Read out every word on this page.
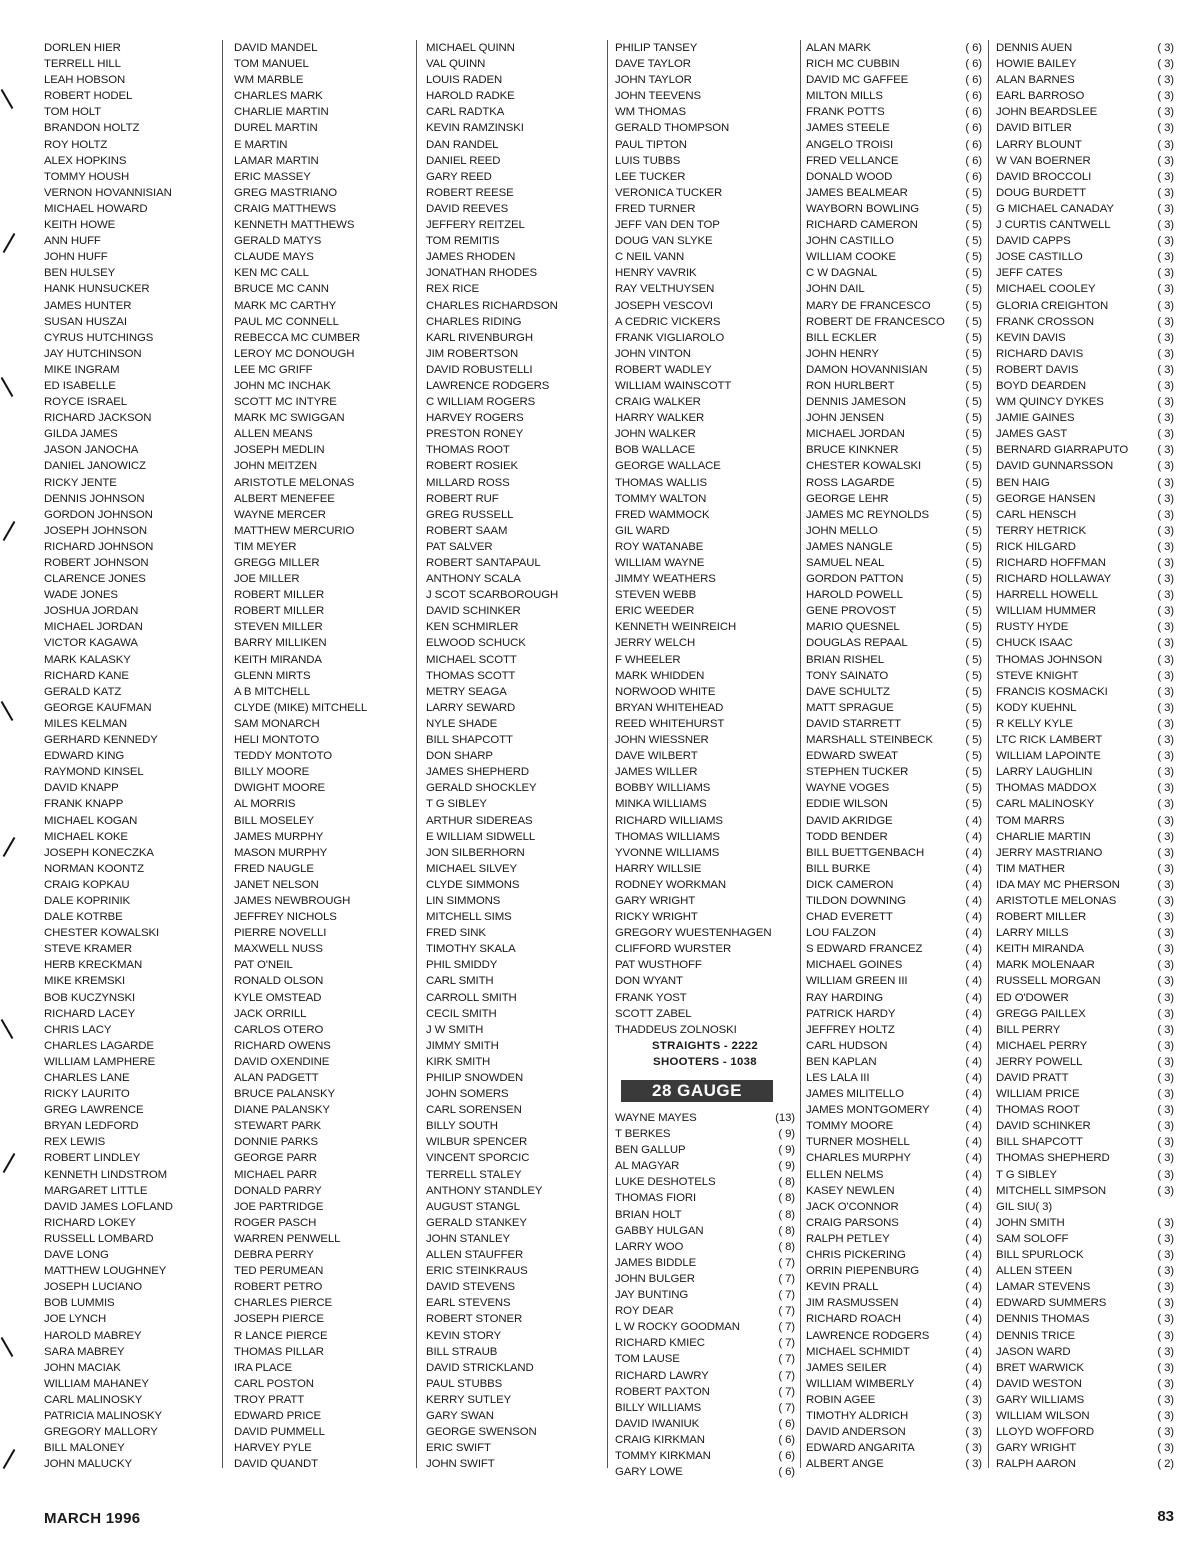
DORLEN HIER
TERRELL HILL
LEAH HOBSON
ROBERT HODEL
TOM HOLT
BRANDON HOLTZ
ROY HOLTZ
ALEX HOPKINS
TOMMY HOUSH
VERNON HOVANNISIAN
MICHAEL HOWARD
KEITH HOWE
ANN HUFF
JOHN HUFF
BEN HULSEY
HANK HUNSUCKER
JAMES HUNTER
SUSAN HUSZAI
CYRUS HUTCHINGS
JAY HUTCHINSON
MIKE INGRAM
ED ISABELLE
ROYCE ISRAEL
RICHARD JACKSON
GILDA JAMES
JASON JANOCHA
DANIEL JANOWICZ
RICKY JENTE
DENNIS JOHNSON
GORDON JOHNSON
JOSEPH JOHNSON
RICHARD JOHNSON
ROBERT JOHNSON
CLARENCE JONES
WADE JONES
JOSHUA JORDAN
MICHAEL JORDAN
VICTOR KAGAWA
MARK KALASKY
RICHARD KANE
GERALD KATZ
GEORGE KAUFMAN
MILES KELMAN
GERHARD KENNEDY
EDWARD KING
RAYMOND KINSEL
DAVID KNAPP
FRANK KNAPP
MICHAEL KOGAN
MICHAEL KOKE
JOSEPH KONECZKA
NORMAN KOONTZ
CRAIG KOPKAU
DALE KOPRINIK
DALE KOTRBE
CHESTER KOWALSKI
STEVE KRAMER
HERB KRECKMAN
MIKE KREMSKI
BOB KUCZYNSKI
RICHARD LACEY
CHRIS LACY
CHARLES LAGARDE
WILLIAM LAMPHERE
CHARLES LANE
RICKY LAURITO
GREG LAWRENCE
BRYAN LEDFORD
REX LEWIS
ROBERT LINDLEY
KENNETH LINDSTROM
MARGARET LITTLE
DAVID JAMES LOFLAND
RICHARD LOKEY
RUSSELL LOMBARD
DAVE LONG
MATTHEW LOUGHNEY
JOSEPH LUCIANO
BOB LUMMIS
JOE LYNCH
HAROLD MABREY
SARA MABREY
JOHN MACIAK
WILLIAM MAHANEY
CARL MALINOSKY
PATRICIA MALINOSKY
GREGORY MALLORY
BILL MALONEY
JOHN MALUCKY
DAVID MANDEL
TOM MANUEL
WM MARBLE
CHARLES MARK
CHARLIE MARTIN
DUREL MARTIN
E MARTIN
LAMAR MARTIN
ERIC MASSEY
GREG MASTRIANO
CRAIG MATTHEWS
KENNETH MATTHEWS
GERALD MATYS
CLAUDE MAYS
KEN MC CALL
BRUCE MC CANN
MARK MC CARTHY
PAUL MC CONNELL
REBECCA MC CUMBER
LEROY MC DONOUGH
LEE MC GRIFF
JOHN MC INCHAK
SCOTT MC INTYRE
MARK MC SWIGGAN
ALLEN MEANS
JOSEPH MEDLIN
JOHN MEITZEN
ARISTOTLE MELONAS
ALBERT MENEFEE
WAYNE MERCER
MATTHEW MERCURIO
TIM MEYER
GREGG MILLER
JOE MILLER
ROBERT MILLER
ROBERT MILLER
STEVEN MILLER
BARRY MILLIKEN
KEITH MIRANDA
GLENN MIRTS
A B MITCHELL
CLYDE (MIKE) MITCHELL
SAM MONARCH
HELI MONTOTO
TEDDY MONTOTO
BILLY MOORE
DWIGHT MOORE
AL MORRIS
BILL MOSELEY
JAMES MURPHY
MASON MURPHY
FRED NAUGLE
JANET NELSON
JAMES NEWBROUGH
JEFFREY NICHOLS
PIERRE NOVELLI
MAXWELL NUSS
PAT O'NEIL
RONALD OLSON
KYLE OMSTEAD
JACK ORRILL
CARLOS OTERO
RICHARD OWENS
DAVID OXENDINE
ALAN PADGETT
BRUCE PALANSKY
DIANE PALANSKY
STEWART PARK
DONNIE PARKS
GEORGE PARR
MICHAEL PARR
DONALD PARRY
JOE PARTRIDGE
ROGER PASCH
WARREN PENWELL
DEBRA PERRY
TED PERUMEAN
ROBERT PETRO
CHARLES PIERCE
JOSEPH PIERCE
R LANCE PIERCE
THOMAS PILLAR
IRA PLACE
CARL POSTON
TROY PRATT
EDWARD PRICE
DAVID PUMMELL
HARVEY PYLE
DAVID QUANDT
MICHAEL QUINN
VAL QUINN
LOUIS RADEN
HAROLD RADKE
CARL RADTKA
KEVIN RAMZINSKI
DAN RANDEL
DANIEL REED
GARY REED
ROBERT REESE
DAVID REEVES
JEFFERY REITZEL
TOM REMITIS
JAMES RHODEN
JONATHAN RHODES
REX RICE
CHARLES RICHARDSON
CHARLES RIDING
KARL RIVENBURGH
JIM ROBERTSON
DAVID ROBUSTELLI
LAWRENCE RODGERS
C WILLIAM ROGERS
HARVEY ROGERS
PRESTON RONEY
THOMAS ROOT
ROBERT ROSIEK
MILLARD ROSS
ROBERT RUF
GREG RUSSELL
ROBERT SAAM
PAT SALVER
ROBERT SANTAPAUL
ANTHONY SCALA
J SCOT SCARBOROUGH
DAVID SCHINKER
KEN SCHMIRLER
ELWOOD SCHUCK
MICHAEL SCOTT
THOMAS SCOTT
METRY SEAGA
LARRY SEWARD
NYLE SHADE
BILL SHAPCOTT
DON SHARP
JAMES SHEPHERD
GERALD SHOCKLEY
T G SIBLEY
ARTHUR SIDEREAS
E WILLIAM SIDWELL
JON SILBERHORN
MICHAEL SILVEY
CLYDE SIMMONS
LIN SIMMONS
MITCHELL SIMS
FRED SINK
TIMOTHY SKALA
PHIL SMIDDY
CARL SMITH
CARROLL SMITH
CECIL SMITH
J W SMITH
JIMMY SMITH
KIRK SMITH
PHILIP SNOWDEN
JOHN SOMERS
CARL SORENSEN
BILLY SOUTH
WILBUR SPENCER
VINCENT SPORCIC
TERRELL STALEY
ANTHONY STANDLEY
AUGUST STANGL
GERALD STANKEY
JOHN STANLEY
ALLEN STAUFFER
ERIC STEINKRAUS
DAVID STEVENS
EARL STEVENS
ROBERT STONER
KEVIN STORY
BILL STRAUB
DAVID STRICKLAND
PAUL STUBBS
KERRY SUTLEY
GARY SWAN
GEORGE SWENSON
ERIC SWIFT
JOHN SWIFT
PHILIP TANSEY
DAVE TAYLOR
JOHN TAYLOR
JOHN TEEVENS
WM THOMAS
GERALD THOMPSON
PAUL TIPTON
LUIS TUBBS
LEE TUCKER
VERONICA TUCKER
FRED TURNER
JEFF VAN DEN TOP
DOUG VAN SLYKE
C NEIL VANN
HENRY VAVRIK
RAY VELTHUYSEN
JOSEPH VESCOVI
A CEDRIC VICKERS
FRANK VIGLIAROLO
JOHN VINTON
ROBERT WADLEY
WILLIAM WAINSCOTT
CRAIG WALKER
HARRY WALKER
JOHN WALKER
BOB WALLACE
GEORGE WALLACE
THOMAS WALLIS
TOMMY WALTON
FRED WAMMOCK
GIL WARD
ROY WATANABE
WILLIAM WAYNE
JIMMY WEATHERS
STEVEN WEBB
ERIC WEEDER
KENNETH WEINREICH
JERRY WELCH
F WHEELER
MARK WHIDDEN
NORWOOD WHITE
BRYAN WHITEHEAD
REED WHITEHURST
JOHN WIESSNER
DAVE WILBERT
JAMES WILLER
BOBBY WILLIAMS
MINKA WILLIAMS
RICHARD WILLIAMS
THOMAS WILLIAMS
YVONNE WILLIAMS
HARRY WILLSIE
RODNEY WORKMAN
GARY WRIGHT
RICKY WRIGHT
GREGORY WUESTENHAGEN
CLIFFORD WURSTER
PAT WUSTHOFF
DON WYANT
FRANK YOST
SCOTT ZABEL
THADDEUS ZOLNOSKI
STRAIGHTS - 2222
SHOOTERS - 1038
28 GAUGE
WAYNE MAYES	(13)
T BERKES	( 9)
BEN GALLUP	( 9)
AL MAGYAR	( 9)
LUKE DESHOTELS	( 8)
THOMAS FIORI	( 8)
BRIAN HOLT	( 8)
GABBY HULGAN	( 8)
LARRY WOO	( 8)
JAMES BIDDLE	( 7)
JOHN BULGER	( 7)
JAY BUNTING	( 7)
ROY DEAR	( 7)
L W ROCKY GOODMAN	( 7)
RICHARD KMIEC	( 7)
TOM LAUSE	( 7)
RICHARD LAWRY	( 7)
ROBERT PAXTON	( 7)
BILLY WILLIAMS	( 7)
DAVID IWANIUK	( 6)
CRAIG KIRKMAN	( 6)
TOMMY KIRKMAN	( 6)
GARY LOWE	( 6)
ALAN MARK	( 6)
RICH MC CUBBIN	( 6)
DAVID MC GAFFEE	( 6)
MILTON MILLS	( 6)
FRANK POTTS	( 6)
JAMES STEELE	( 6)
ANGELO TROISI	( 6)
FRED VELLANCE	( 6)
DONALD WOOD	( 6)
JAMES BEALMEAR	( 5)
WAYBORN BOWLING	( 5)
RICHARD CAMERON	( 5)
JOHN CASTILLO	( 5)
WILLIAM COOKE	( 5)
C W DAGNAL	( 5)
JOHN DAIL	( 5)
MARY DE FRANCESCO	( 5)
ROBERT DE FRANCESCO ( 5)
BILL ECKLER	( 5)
JOHN HENRY	( 5)
DAMON HOVANNISIAN	( 5)
RON HURLBERT	( 5)
DENNIS JAMESON	( 5)
JOHN JENSEN	( 5)
MICHAEL JORDAN	( 5)
BRUCE KINKNER	( 5)
CHESTER KOWALSKI	( 5)
ROSS LAGARDE	( 5)
GEORGE LEHR	( 5)
JAMES MC REYNOLDS	( 5)
JOHN MELLO	( 5)
JAMES NANGLE	( 5)
SAMUEL NEAL	( 5)
GORDON PATTON	( 5)
HAROLD POWELL	( 5)
GENE PROVOST	( 5)
MARIO QUESNEL	( 5)
DOUGLAS REPAAL	( 5)
BRIAN RISHEL	( 5)
TONY SAINATO	( 5)
DAVE SCHULTZ	( 5)
MATT SPRAGUE	( 5)
DAVID STARRETT	( 5)
MARSHALL STEINBECK	( 5)
EDWARD SWEAT	( 5)
STEPHEN TUCKER	( 5)
WAYNE VOGES	( 5)
EDDIE WILSON	( 5)
DAVID AKRIDGE	( 4)
TODD BENDER	( 4)
BILL BUETTGENBACH	( 4)
BILL BURKE	( 4)
DICK CAMERON	( 4)
TILDON DOWNING	( 4)
CHAD EVERETT	( 4)
LOU FALZON	( 4)
S EDWARD FRANCEZ	( 4)
MICHAEL GOINES	( 4)
WILLIAM GREEN III	( 4)
RAY HARDING	( 4)
PATRICK HARDY	( 4)
JEFFREY HOLTZ	( 4)
CARL HUDSON	( 4)
BEN KAPLAN	( 4)
LES LALA III	( 4)
JAMES MILITELLO	( 4)
JAMES MONTGOMERY	( 4)
TOMMY MOORE	( 4)
TURNER MOSHELL	( 4)
CHARLES MURPHY	( 4)
ELLEN NELMS	( 4)
KASEY NEWLEN	( 4)
JACK O'CONNOR	( 4)
CRAIG PARSONS	( 4)
RALPH PETLEY	( 4)
CHRIS PICKERING	( 4)
ORRIN PIEPENBURG	( 4)
KEVIN PRALL	( 4)
JIM RASMUSSEN	( 4)
RICHARD ROACH	( 4)
LAWRENCE RODGERS	( 4)
MICHAEL SCHMIDT	( 4)
JAMES SEILER	( 4)
WILLIAM WIMBERLY	( 4)
ROBIN AGEE	( 3)
TIMOTHY ALDRICH	( 3)
DAVID ANDERSON	( 3)
EDWARD ANGARITA	( 3)
ALBERT ANGE	( 3)
DENNIS AUEN	( 3)
HOWIE BAILEY	( 3)
ALAN BARNES	( 3)
EARL BARROSO	( 3)
JOHN BEARDSLEE	( 3)
DAVID BITLER	( 3)
LARRY BLOUNT	( 3)
W VAN BOERNER	( 3)
DAVID BROCCOLI	( 3)
DOUG BURDETT	( 3)
G MICHAEL CANADAY	( 3)
J CURTIS CANTWELL	( 3)
DAVID CAPPS	( 3)
JOSE CASTILLO	( 3)
JEFF CATES	( 3)
MICHAEL COOLEY	( 3)
GLORIA CREIGHTON	( 3)
FRANK CROSSON	( 3)
KEVIN DAVIS	( 3)
RICHARD DAVIS	( 3)
ROBERT DAVIS	( 3)
BOYD DEARDEN	( 3)
WM QUINCY DYKES	( 3)
JAMIE GAINES	( 3)
JAMES GAST	( 3)
BERNARD GIARRAPUTO	( 3)
DAVID GUNNARSSON	( 3)
BEN HAIG	( 3)
GEORGE HANSEN	( 3)
CARL HENSCH	( 3)
TERRY HETRICK	( 3)
RICK HILGARD	( 3)
RICHARD HOFFMAN	( 3)
RICHARD HOLLAWAY	( 3)
HARRELL HOWELL	( 3)
WILLIAM HUMMER	( 3)
RUSTY HYDE	( 3)
CHUCK ISAAC	( 3)
THOMAS JOHNSON	( 3)
STEVE KNIGHT	( 3)
FRANCIS KOSMACKI	( 3)
KODY KUEHNL	( 3)
R KELLY KYLE	( 3)
LTC RICK LAMBERT	( 3)
WILLIAM LAPOINTE	( 3)
LARRY LAUGHLIN	( 3)
THOMAS MADDOX	( 3)
CARL MALINOSKY	( 3)
TOM MARRS	( 3)
CHARLIE MARTIN	( 3)
JERRY MASTRIANO	( 3)
TIM MATHER	( 3)
IDA MAY MC PHERSON	( 3)
ARISTOTLE MELONAS	( 3)
ROBERT MILLER	( 3)
LARRY MILLS	( 3)
KEITH MIRANDA	( 3)
MARK MOLENAAR	( 3)
RUSSELL MORGAN	( 3)
ED O'DOWER	( 3)
GREGG PAILLEX	( 3)
BILL PERRY	( 3)
MICHAEL PERRY	( 3)
JERRY POWELL	( 3)
DAVID PRATT	( 3)
WILLIAM PRICE	( 3)
THOMAS ROOT	( 3)
DAVID SCHINKER	( 3)
BILL SHAPCOTT	( 3)
THOMAS SHEPHERD	( 3)
T G SIBLEY	( 3)
MITCHELL SIMPSON	( 3)
GIL SIU( 3)
JOHN SMITH	( 3)
SAM SOLOFF	( 3)
BILL SPURLOCK	( 3)
ALLEN STEEN	( 3)
LAMAR STEVENS	( 3)
EDWARD SUMMERS	( 3)
DENNIS THOMAS	( 3)
DENNIS TRICE	( 3)
JASON WARD	( 3)
BRET WARWICK	( 3)
DAVID WESTON	( 3)
GARY WILLIAMS	( 3)
WILLIAM WILSON	( 3)
LLOYD WOFFORD	( 3)
GARY WRIGHT	( 3)
RALPH AARON	( 2)
MARCH 1996	83
